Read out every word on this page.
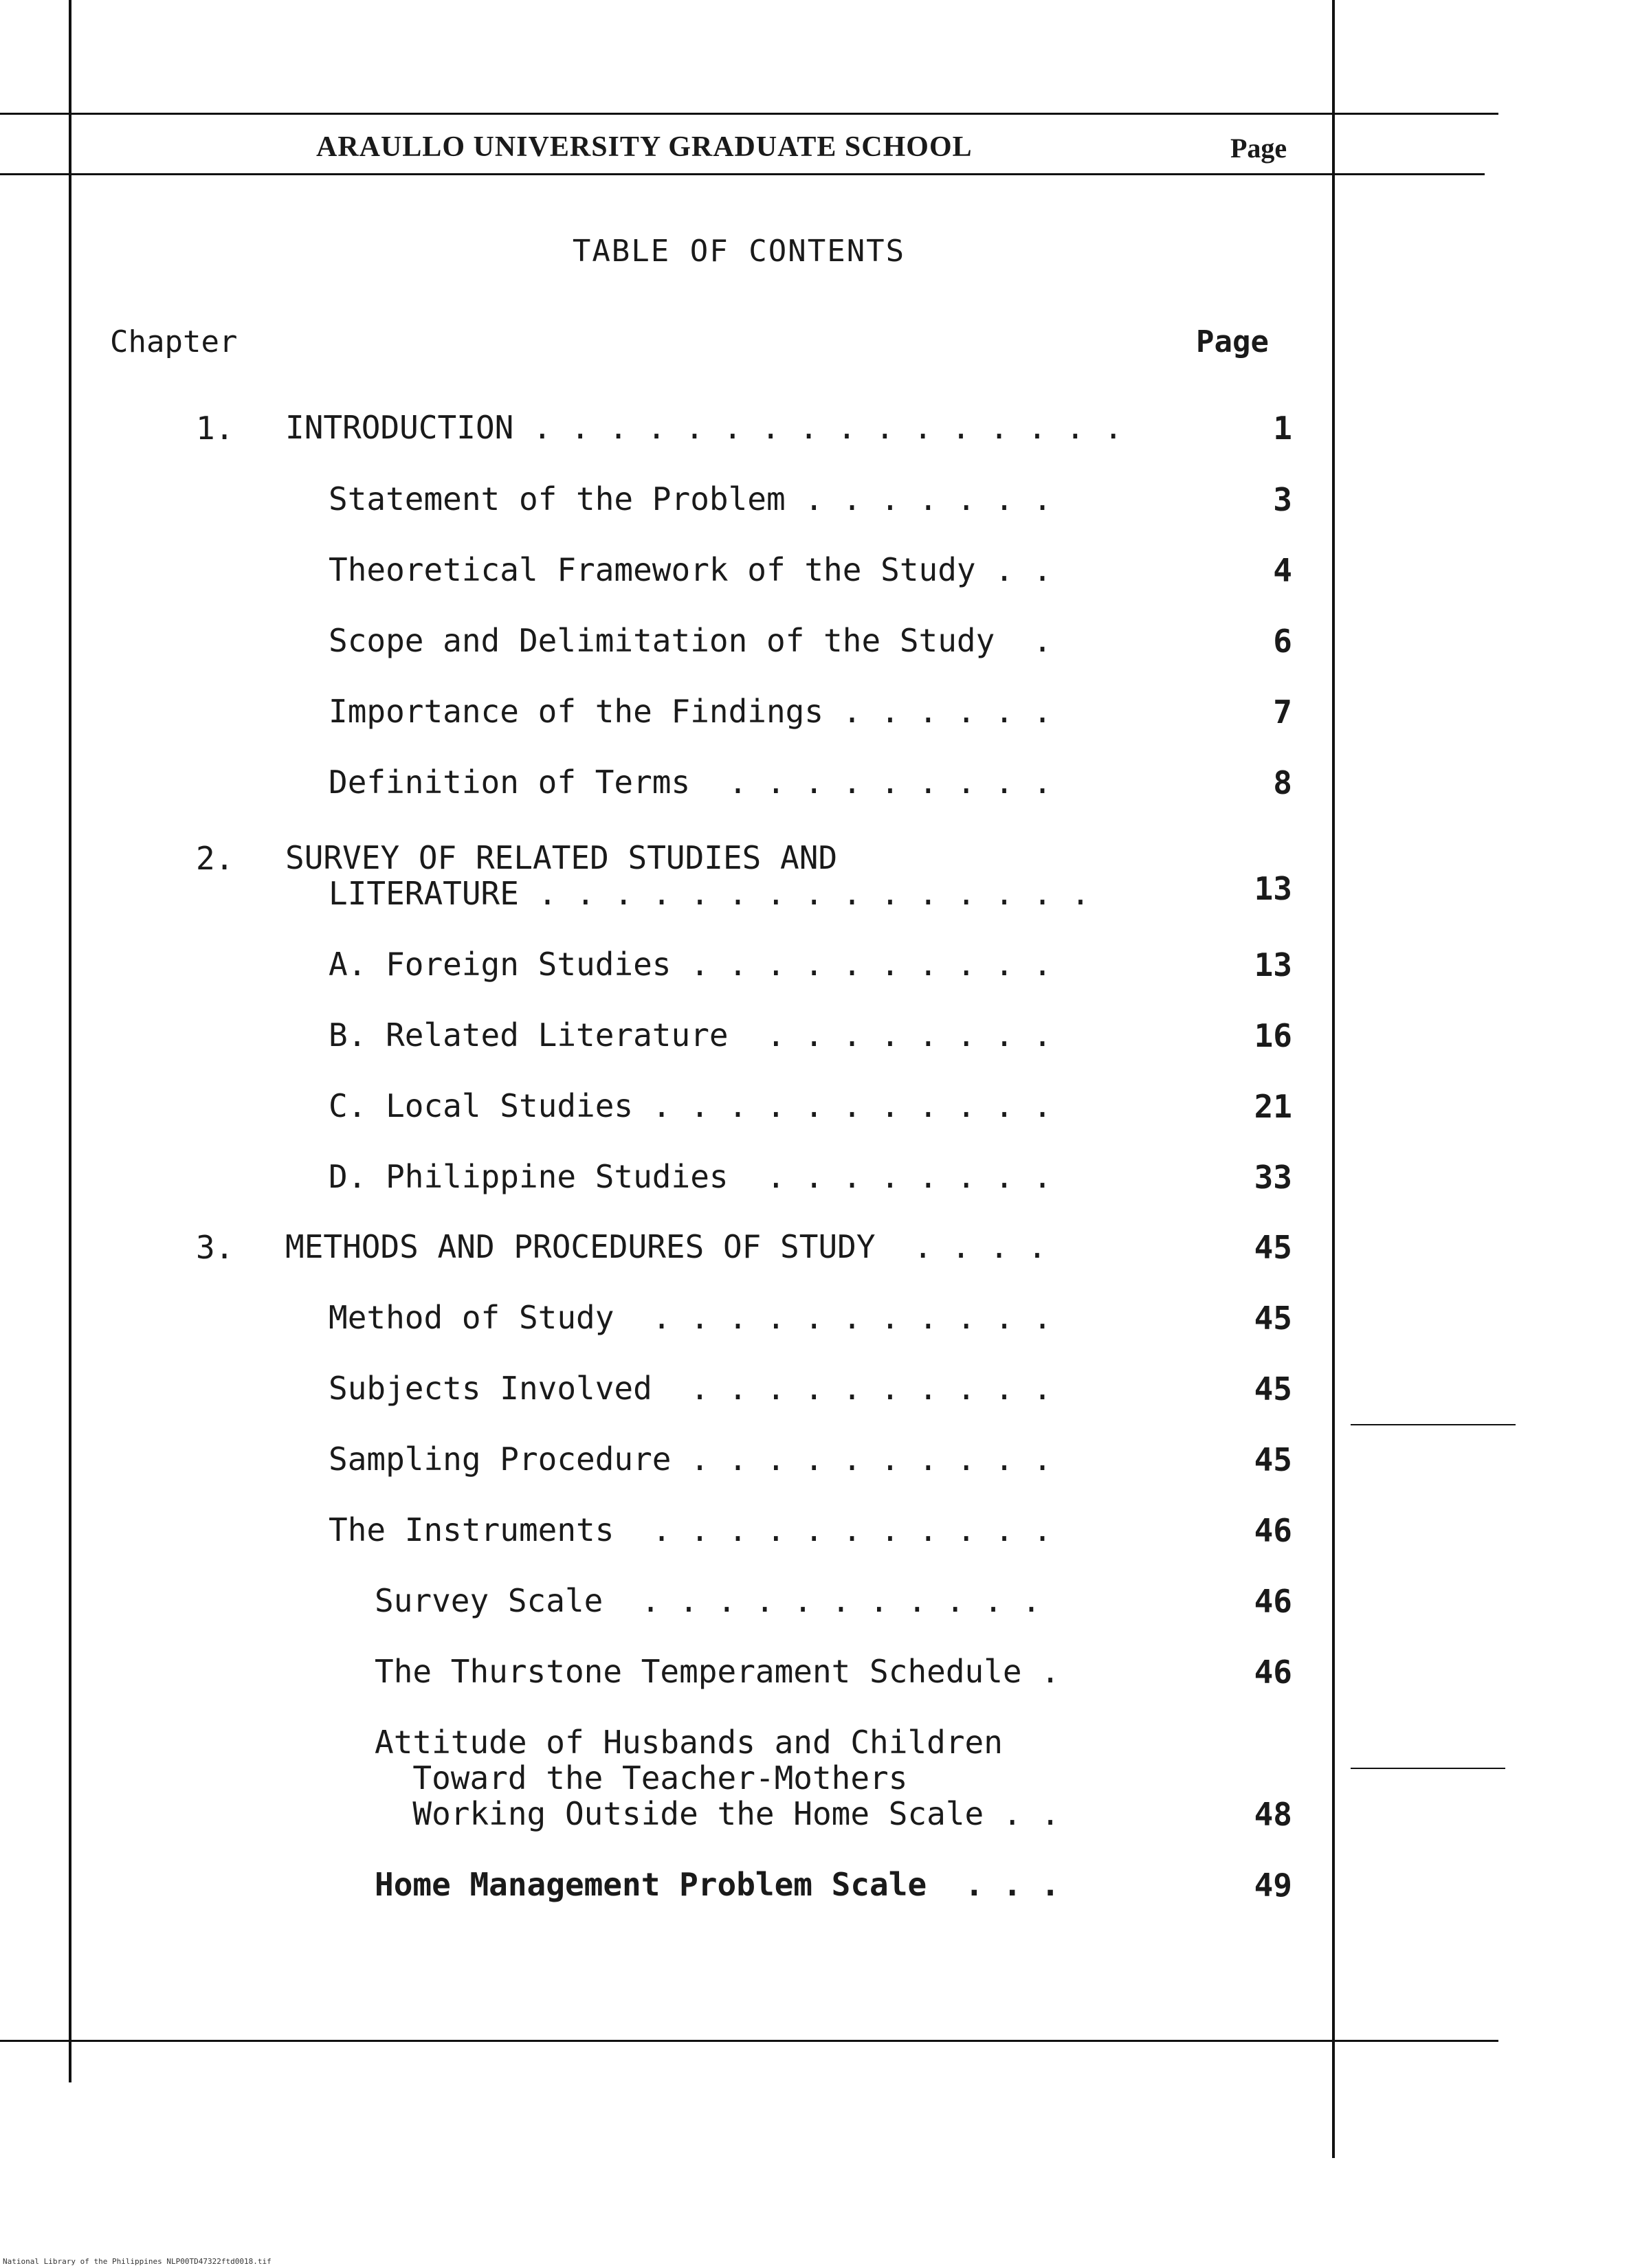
ARAULLO UNIVERSITY GRADUATE SCHOOL	Page
TABLE OF CONTENTS
Chapter	Page
1. INTRODUCTION . . . . . . . . . . . . . . . .	1
Statement of the Problem . . . . . . .	3
Theoretical Framework of the Study . .	4
Scope and Delimitation of the Study  .	6
Importance of the Findings . . . . . .	7
Definition of Terms  . . . . . . . . .	8
2. SURVEY OF RELATED STUDIES AND
LITERATURE . . . . . . . . . . . . . . .	13
A. Foreign Studies . . . . . . . . . .	13
B. Related Literature  . . . . . . . .	16
C. Local Studies . . . . . . . . . . .	21
D. Philippine Studies  . . . . . . . .	33
3. METHODS AND PROCEDURES OF STUDY  . . . .	45
Method of Study  . . . . . . . . . . .	45
Subjects Involved  . . . . . . . . . .	45
Sampling Procedure . . . . . . . . . .	45
The Instruments  . . . . . . . . . . .	46
Survey Scale  . . . . . . . . . . .	46
The Thurstone Temperament Schedule .	46
Attitude of Husbands and Children
Toward the Teacher-Mothers
Working Outside the Home Scale . .	48
Home Management Problem Scale  . . .	49
National Library of the Philippines NLP00TD47322ftd0018.tif
